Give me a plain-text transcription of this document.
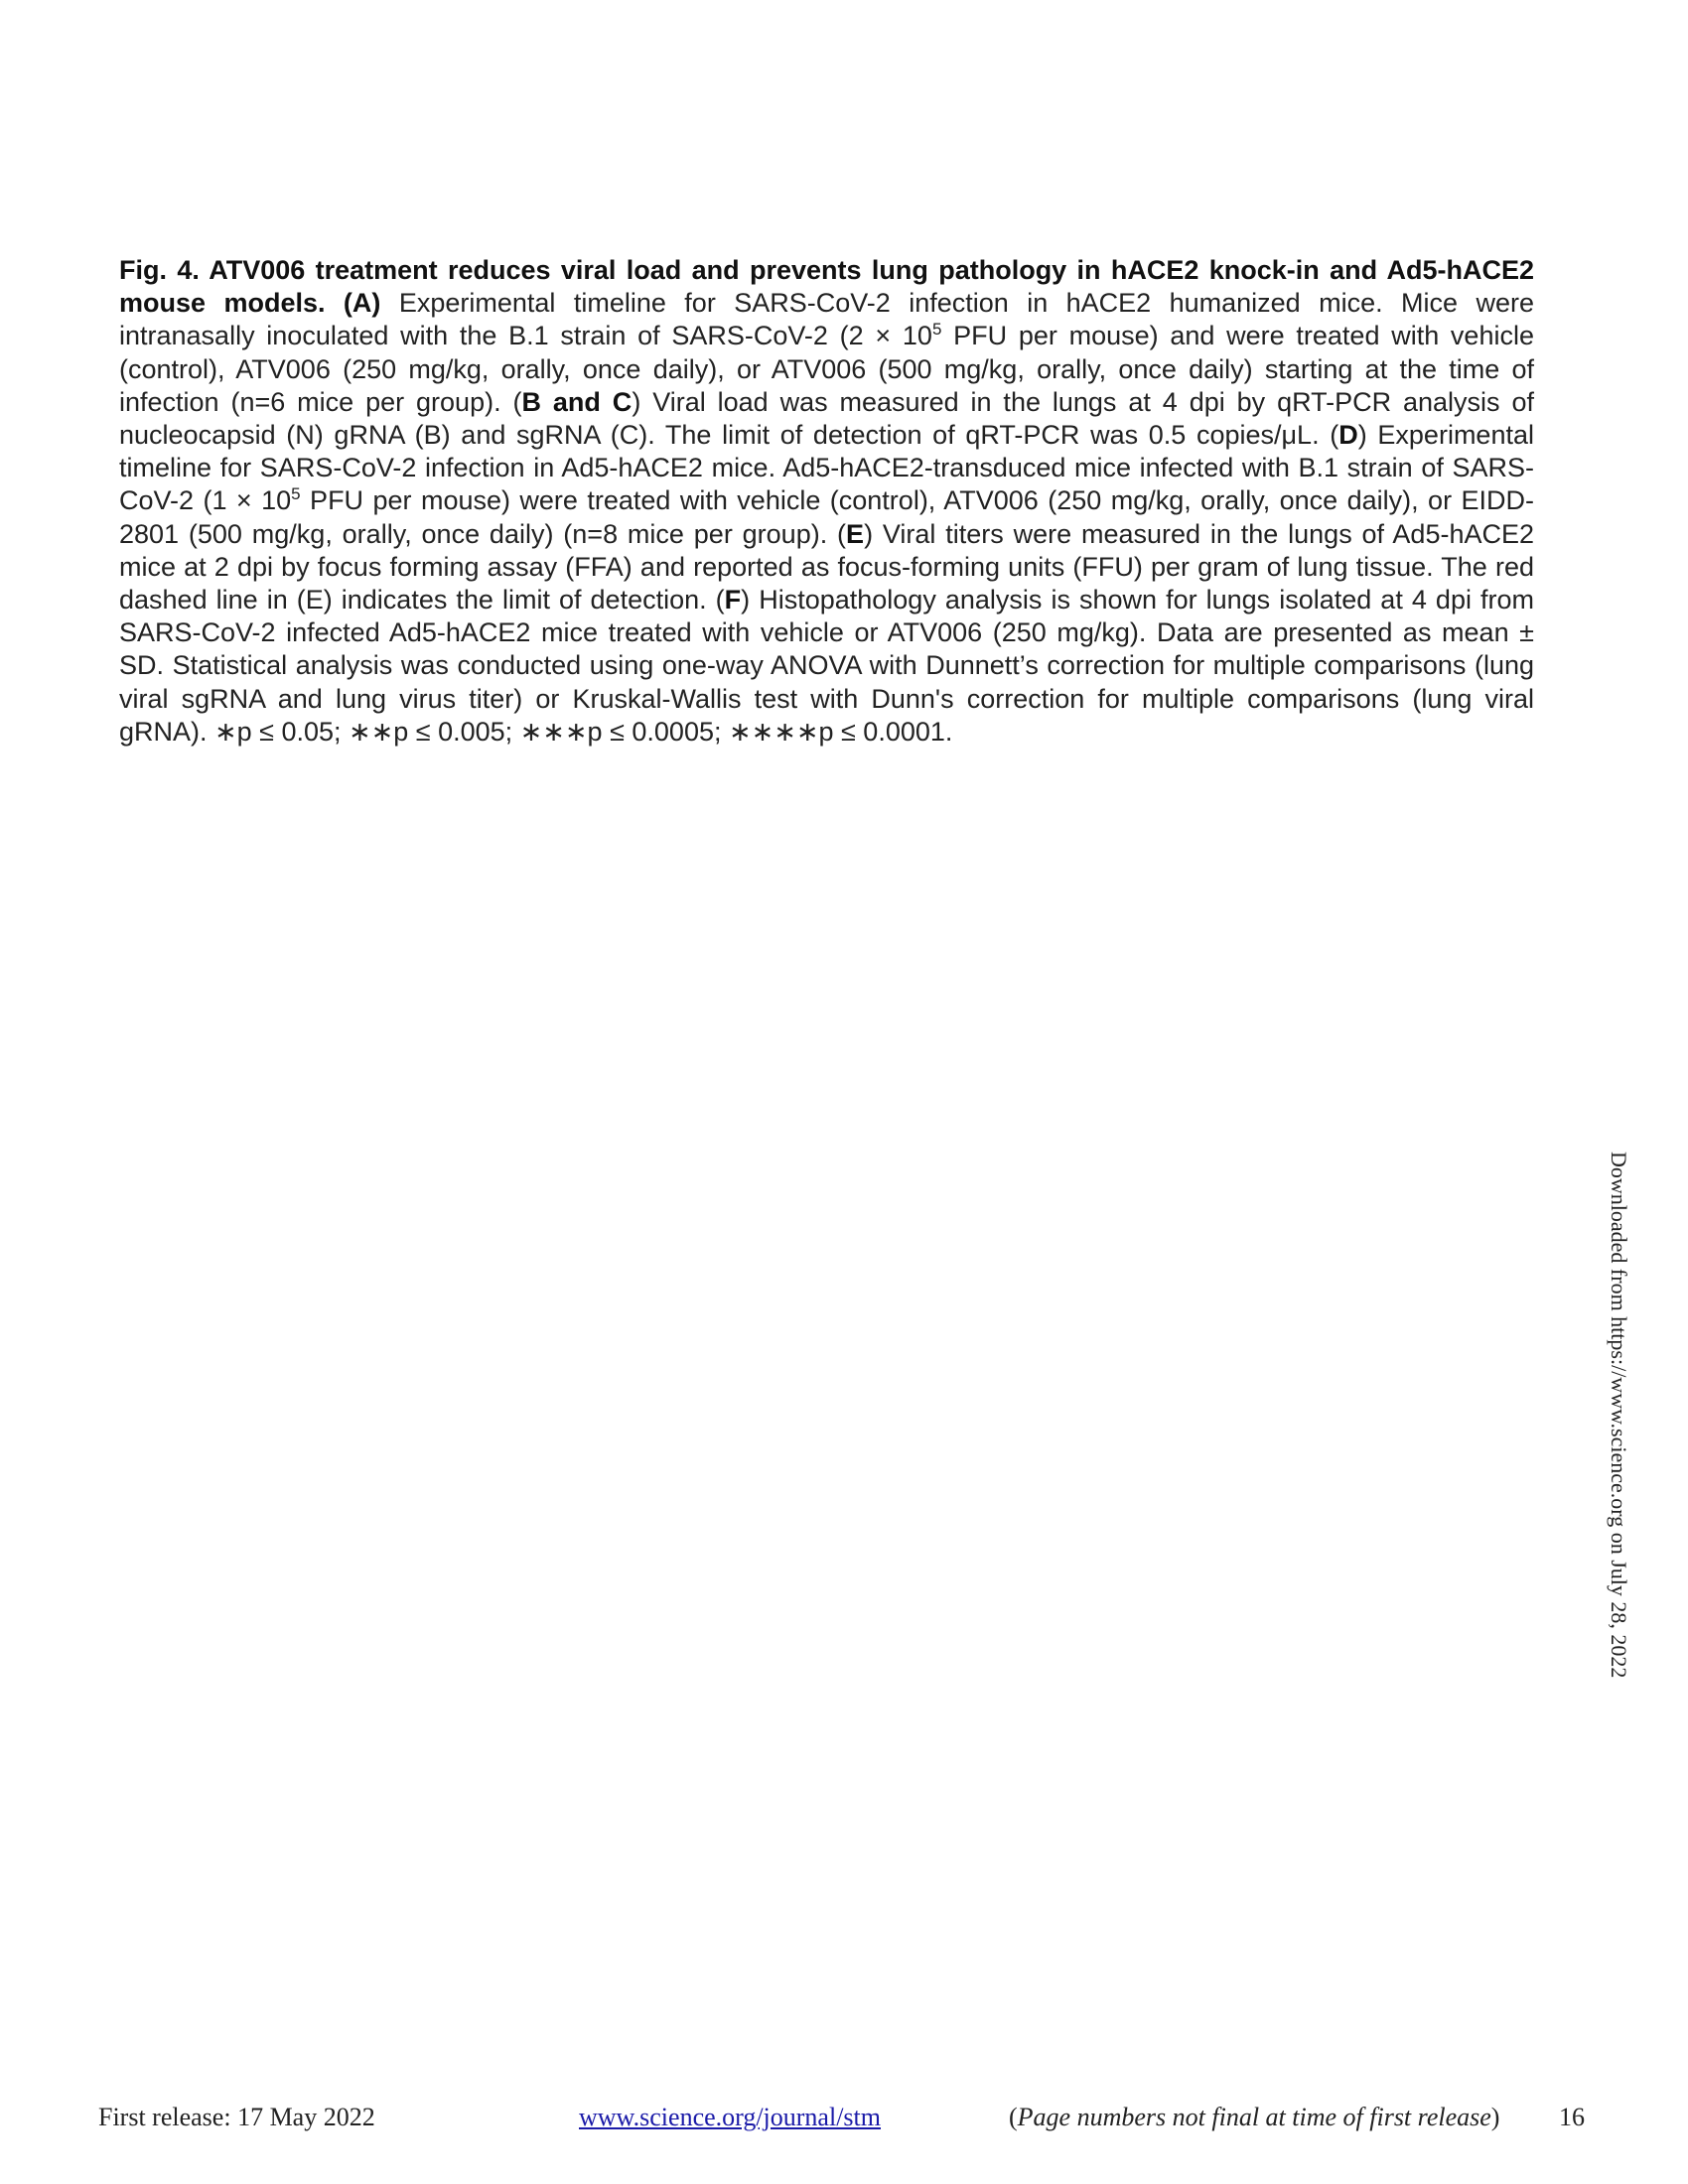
Fig. 4. ATV006 treatment reduces viral load and prevents lung pathology in hACE2 knock-in and Ad5-hACE2 mouse models. (A) Experimental timeline for SARS-CoV-2 infection in hACE2 humanized mice. Mice were intranasally inoculated with the B.1 strain of SARS-CoV-2 ($2 \times 10^5$ PFU per mouse) and were treated with vehicle (control), ATV006 (250 mg/kg, orally, once daily), or ATV006 (500 mg/kg, orally, once daily) starting at the time of infection (n=6 mice per group). (B and C) Viral load was measured in the lungs at 4 dpi by qRT-PCR analysis of nucleocapsid (N) gRNA (B) and sgRNA (C). The limit of detection of qRT-PCR was 0.5 copies/μL. (D) Experimental timeline for SARS-CoV-2 infection in Ad5-hACE2 mice. Ad5-hACE2-transduced mice infected with B.1 strain of SARS-CoV-2 ($1 \times 10^5$ PFU per mouse) were treated with vehicle (control), ATV006 (250 mg/kg, orally, once daily), or EIDD-2801 (500 mg/kg, orally, once daily) (n=8 mice per group). (E) Viral titers were measured in the lungs of Ad5-hACE2 mice at 2 dpi by focus forming assay (FFA) and reported as focus-forming units (FFU) per gram of lung tissue. The red dashed line in (E) indicates the limit of detection. (F) Histopathology analysis is shown for lungs isolated at 4 dpi from SARS-CoV-2 infected Ad5-hACE2 mice treated with vehicle or ATV006 (250 mg/kg). Data are presented as mean ± SD. Statistical analysis was conducted using one-way ANOVA with Dunnett’s correction for multiple comparisons (lung viral sgRNA and lung virus titer) or Kruskal-Wallis test with Dunn's correction for multiple comparisons (lung viral gRNA). ∗p ≤ 0.05; ∗∗p ≤ 0.005; ∗∗∗p ≤ 0.0005; ∗∗∗∗p ≤ 0.0001.
Downloaded from https://www.science.org on July 28, 2022
First release: 17 May 2022	www.science.org/journal/stm	(Page numbers not final at time of first release) 16
